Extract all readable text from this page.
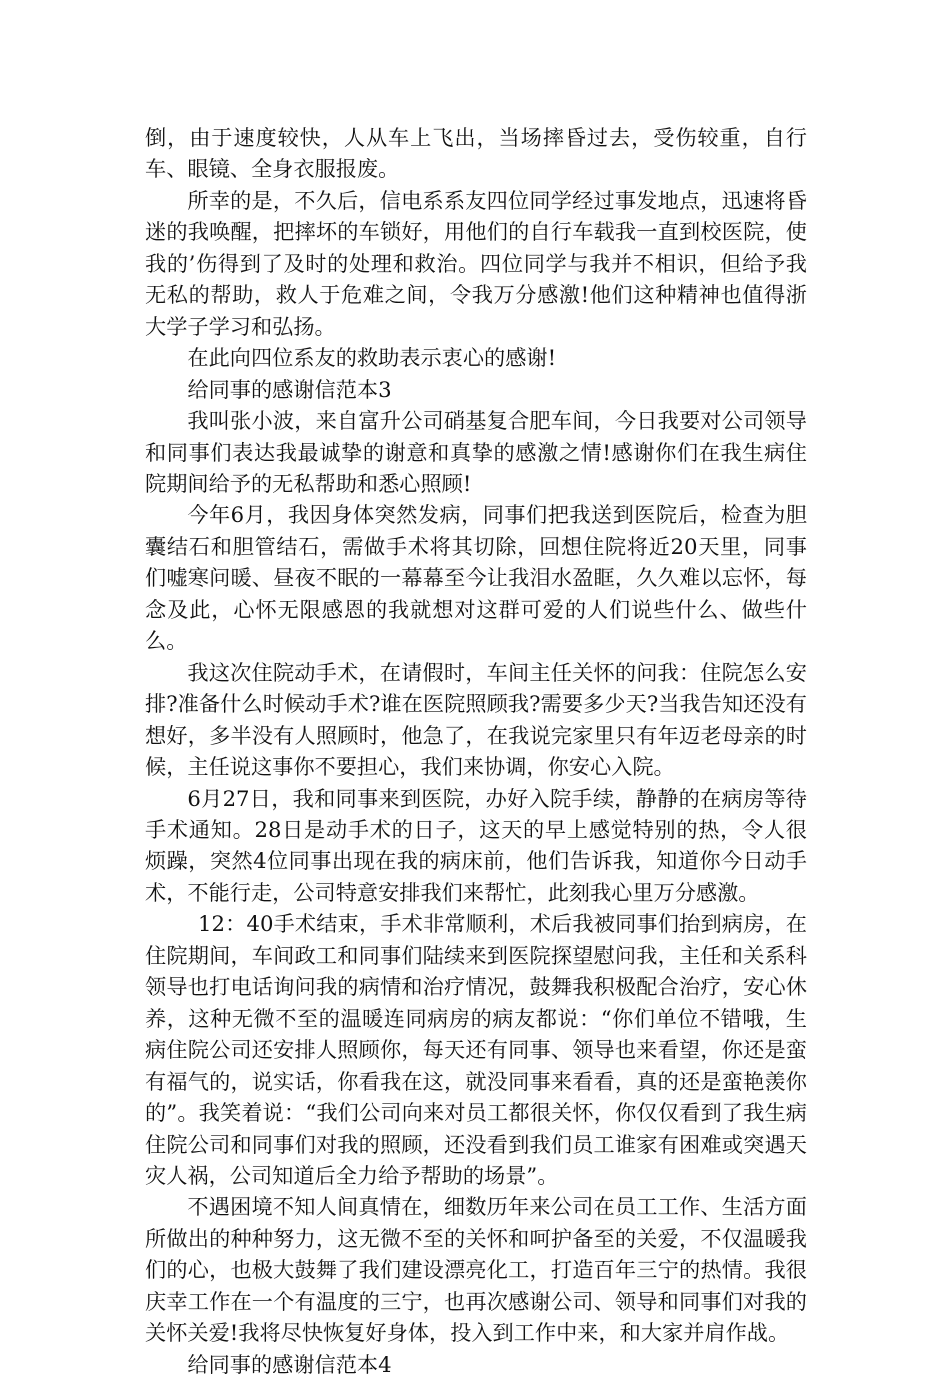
倒，由于速度较快，人从车上飞出，当场摔昏过去，受伤较重，自行车、眼镜、全身衣服报废。

所幸的是，不久后，信电系系友四位同学经过事发地点，迅速将昏迷的我唤醒，把摔坏的车锁好，用他们的自行车载我一直到校医院，使我的’伤得到了及时的处理和救治。四位同学与我并不相识，但给予我无私的帮助，救人于危难之间，令我万分感激!他们这种精神也值得浙大学子学习和弘扬。

在此向四位系友的救助表示衷心的感谢!

给同事的感谢信范本3

我叫张小波，来自富升公司硝基复合肥车间，今日我要对公司领导和同事们表达我最诚挚的谢意和真挚的感激之情!感谢你们在我生病住院期间给予的无私帮助和悉心照顾!

今年6月，我因身体突然发病，同事们把我送到医院后，检查为胆囊结石和胆管结石，需做手术将其切除，回想住院将近20天里，同事们嘘寒问暖、昼夜不眠的一幕幕至今让我泪水盈眶，久久难以忘怀，每念及此，心怀无限感恩的我就想对这群可爱的人们说些什么、做些什么。

我这次住院动手术，在请假时，车间主任关怀的问我：住院怎么安排?准备什么时候动手术?谁在医院照顾我?需要多少天?当我告知还没有想好，多半没有人照顾时，他急了，在我说完家里只有年迈老母亲的时候，主任说这事你不要担心，我们来协调，你安心入院。

6月27日，我和同事来到医院，办好入院手续，静静的在病房等待手术通知。28日是动手术的日子，这天的早上感觉特别的热，令人很烦躁，突然4位同事出现在我的病床前，他们告诉我，知道你今日动手术，不能行走，公司特意安排我们来帮忙，此刻我心里万分感激。

12：40手术结束，手术非常顺利，术后我被同事们抬到病房，在住院期间，车间政工和同事们陆续来到医院探望慰问我，主任和关系科领导也打电话询问我的病情和治疗情况，鼓舞我积极配合治疗，安心休养，这种无微不至的温暖连同病房的病友都说：“你们单位不错哦，生病住院公司还安排人照顾你，每天还有同事、领导也来看望，你还是蛮有福气的，说实话，你看我在这，就没同事来看看，真的还是蛮艳羡你的”。我笑着说：“我们公司向来对员工都很关怀，你仅仅看到了我生病住院公司和同事们对我的照顾，还没看到我们员工谁家有困难或突遇天灾人祸，公司知道后全力给予帮助的场景”。

不遇困境不知人间真情在，细数历年来公司在员工工作、生活方面所做出的种种努力，这无微不至的关怀和呵护备至的关爱，不仅温暖我们的心，也极大鼓舞了我们建设漂亮化工，打造百年三宁的热情。我很庆幸工作在一个有温度的三宁，也再次感谢公司、领导和同事们对我的关怀关爱!我将尽快恢复好身体，投入到工作中来，和大家并肩作战。

给同事的感谢信范本4
